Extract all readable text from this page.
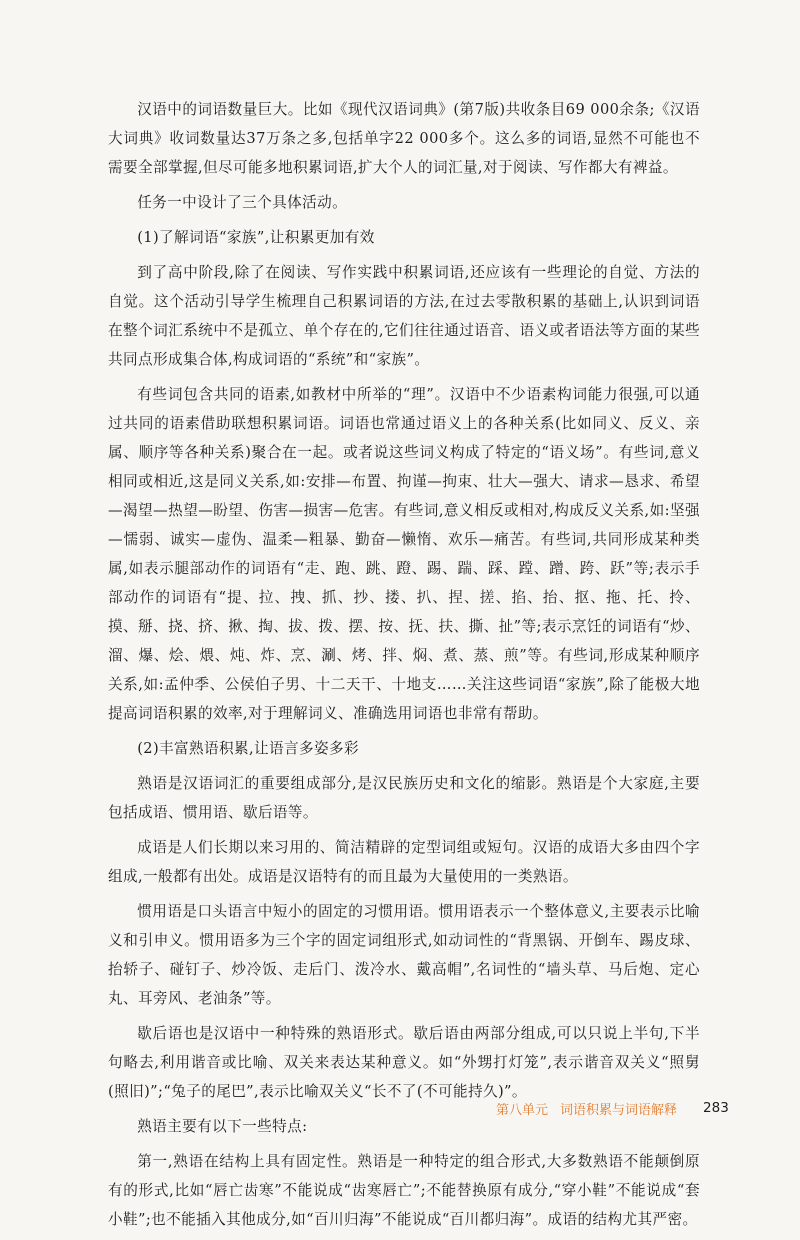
汉语中的词语数量巨大。比如《现代汉语词典》(第7版)共收条目69 000余条;《汉语大词典》收词数量达37万条之多,包括单字22 000多个。这么多的词语,显然不可能也不需要全部掌握,但尽可能多地积累词语,扩大个人的词汇量,对于阅读、写作都大有裨益。

任务一中设计了三个具体活动。

(1)了解词语“家族”,让积累更加有效

到了高中阶段,除了在阅读、写作实践中积累词语,还应该有一些理论的自觉、方法的自觉。这个活动引导学生梳理自己积累词语的方法,在过去零散积累的基础上,认识到词语在整个词汇系统中不是孤立、单个存在的,它们往往通过语音、语义或者语法等方面的某些共同点形成集合体,构成词语的“系统”和“家族”。

有些词包含共同的语素,如教材中所举的“理”。汉语中不少语素构词能力很强,可以通过共同的语素借助联想积累词语。词语也常通过语义上的各种关系(比如同义、反义、亲属、顺序等各种关系)聚合在一起。或者说这些词义构成了特定的“语义场”。有些词,意义相同或相近,这是同义关系,如:安排—布置、拘谨—拘束、壮大—强大、请求—恳求、希望—渴望—热望—盼望、伤害—损害—危害。有些词,意义相反或相对,构成反义关系,如:坚强—懦弱、诚实—虚伪、温柔—粗暴、勤奋—懒惰、欢乐—痛苦。有些词,共同形成某种类属,如表示腿部动作的词语有“走、跑、跳、蹬、踢、踹、踩、蹚、蹭、跨、跃”等;表示手部动作的词语有“提、拉、拽、抓、抄、搂、扒、捏、搓、掐、抬、抠、拖、托、拎、摸、掰、挠、挤、揪、掏、拔、拨、摆、按、抚、扶、撕、扯”等;表示烹饪的词语有“炒、溜、爆、烩、煨、炖、炸、烹、涮、烤、拌、焖、煮、蒸、煎”等。有些词,形成某种顺序关系,如:孟仲季、公侯伯子男、十二天干、十地支……关注这些词语“家族”,除了能极大地提高词语积累的效率,对于理解词义、准确选用词语也非常有帮助。

(2)丰富熟语积累,让语言多姿多彩

熟语是汉语词汇的重要组成部分,是汉民族历史和文化的缩影。熟语是个大家庭,主要包括成语、惯用语、歇后语等。

成语是人们长期以来习用的、简洁精辟的定型词组或短句。汉语的成语大多由四个字组成,一般都有出处。成语是汉语特有的而且最为大量使用的一类熟语。

惯用语是口头语言中短小的固定的习惯用语。惯用语表示一个整体意义,主要表示比喻义和引申义。惯用语多为三个字的固定词组形式,如动词性的“背黑锅、开倒车、踢皮球、抬轿子、碰钉子、炒冷饭、走后门、泼冷水、戴高帽”,名词性的“墙头草、马后炮、定心丸、耳旁风、老油条”等。

歇后语也是汉语中一种特殊的熟语形式。歇后语由两部分组成,可以只说上半句,下半句略去,利用谐音或比喻、双关来表达某种意义。如“外甥打灯笼”,表示谐音双关义“照舅(照旧)”;“兔子的尾巴”,表示比喻双关义“长不了(不可能持久)”。

熟语主要有以下一些特点:

第一,熟语在结构上具有固定性。熟语是一种特定的组合形式,大多数熟语不能颠倒原有的形式,比如“唇亡齿寒”不能说成“齿寒唇亡”;不能替换原有成分,“穿小鞋”不能说成“套小鞋”;也不能插入其他成分,如“百川归海”不能说成“百川都归海”。成语的结构尤其严密。

第八单元 词语积累与词语解释 283
